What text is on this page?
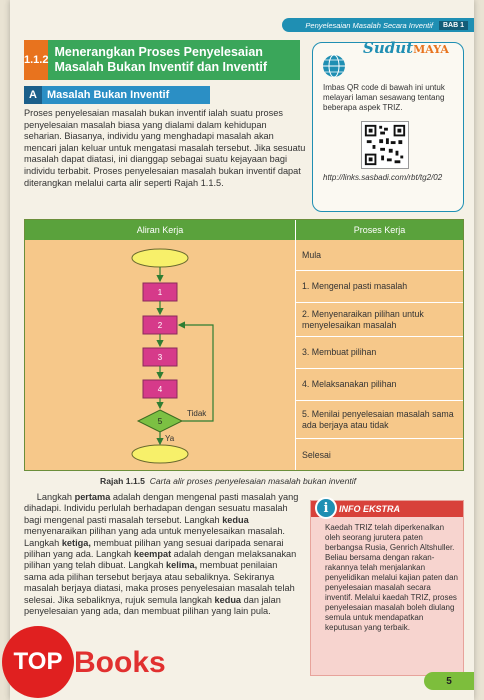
Penyelesaian Masalah Secara Inventif	BAB 1
1.1.2
Menerangkan Proses Penyelesaian Masalah Bukan Inventif dan Inventif
A Masalah Bukan Inventif

Proses penyelesaian masalah bukan inventif ialah suatu proses penyelesaian masalah biasa yang dialami dalam kehidupan seharian. Biasanya, individu yang menghadapi masalah akan mencari jalan keluar untuk mengatasi masalah tersebut. Jika sesuatu masalah dapat diatasi, ini dianggap sebagai suatu kejayaan bagi individu terbabit. Proses penyelesaian masalah bukan inventif dapat diterangkan melalui carta alir seperti Rajah 1.1.5.

SudutMAYA

Imbas QR code di bawah ini untuk melayari laman sesawang tentang beberapa aspek TRIZ.

http://links.sasbadi.com/rbt/tg2/02

Aliran Kerja	Proses Kerja
1
2
3
4
5
Tidak
Ya
Mula
1. Mengenal pasti masalah
2. Menyenaraikan pilihan untuk menyelesaikan masalah
3. Membuat pilihan
4. Melaksanakan pilihan
5. Menilai penyelesaian masalah sama ada berjaya atau tidak
Selesai
Rajah 1.1.5 Carta alir proses penyelesaian masalah bukan inventif

Langkah pertama adalah dengan mengenal pasti masalah yang dihadapi. Individu perlulah berhadapan dengan sesuatu masalah bagi mengenal pasti masalah tersebut. Langkah kedua menyenaraikan pilihan yang ada untuk menyelesaikan masalah. Langkah ketiga, membuat pilihan yang sesuai daripada senarai pilihan yang ada. Langkah keempat adalah dengan melaksanakan pilihan yang telah dibuat. Langkah kelima, membuat penilaian sama ada pilihan tersebut berjaya atau sebaliknya. Sekiranya masalah berjaya diatasi, maka proses penyelesaian masalah telah selesai. Jika sebaliknya, rujuk semula langkah kedua dan jalan penyelesaian yang ada, dan membuat pilihan yang lain pula.

INFO EKSTRA
i

Kaedah TRIZ telah diperkenalkan oleh seorang jurutera paten berbangsa Rusia, Genrich Altshuller. Beliau bersama dengan rakan-rakannya telah menjalankan penyelidikan melalui kajian paten dan penyelesaian masalah secara inventif. Melalui kaedah TRIZ, proses penyelesaian masalah boleh diulang semula untuk mendapatkan keputusan yang terbaik.

5
TOP Books
